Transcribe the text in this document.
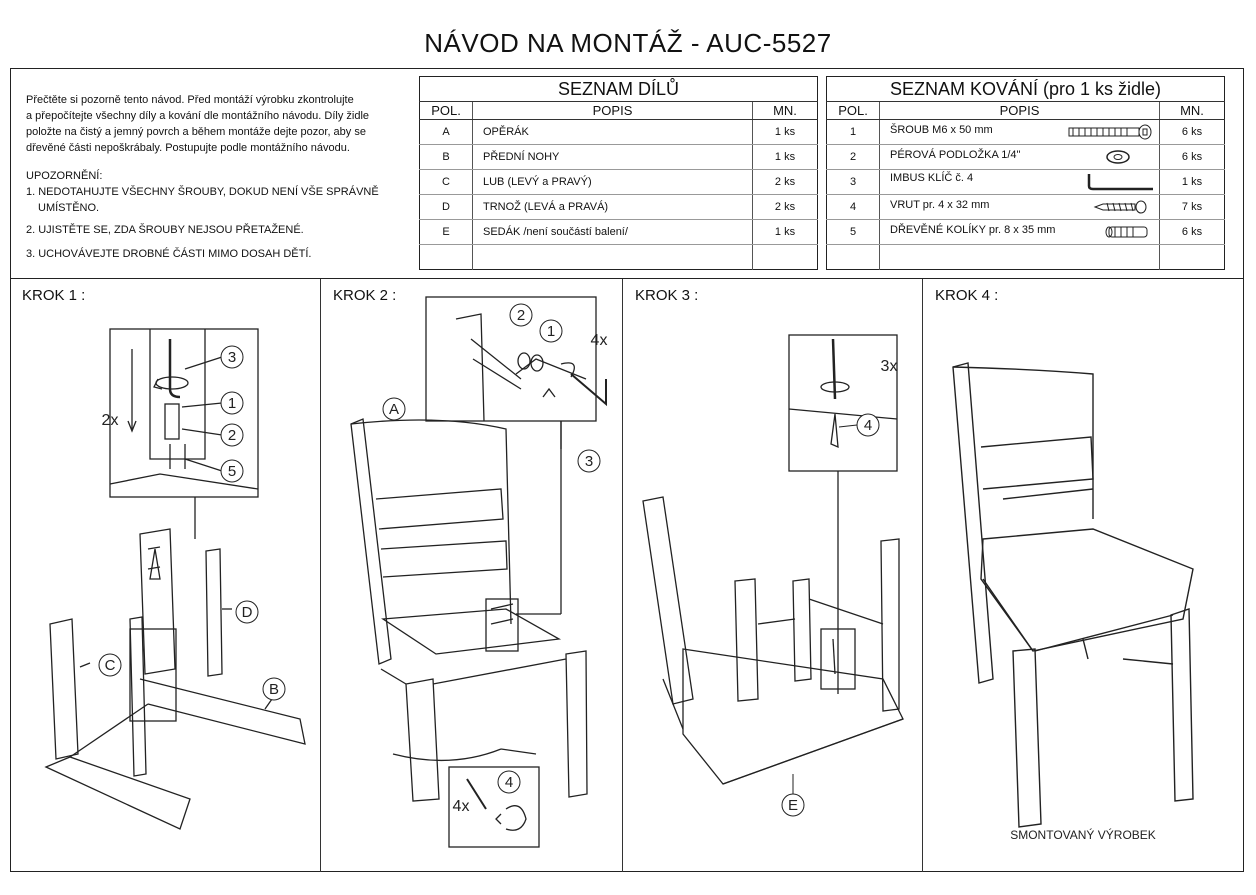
NÁVOD NA MONTÁŽ - AUC-5527
Přečtěte si pozorně tento návod. Před montáží výrobku zkontrolujte
a přepočítejte všechny díly a kování dle montážního návodu. Díly židle
položte na čistý a jemný povrch a během montáže dejte pozor, aby se
dřevěné části nepoškrábaly. Postupujte podle montážního návodu.
UPOZORNĚNÍ:
1. NEDOTAHUJTE VŠECHNY ŠROUBY, DOKUD NENÍ VŠE SPRÁVNĚ
UMÍSTĚNO.
2. UJISTĚTE SE, ZDA ŠROUBY NEJSOU PŘETAŽENÉ.
3. UCHOVÁVEJTE DROBNÉ ČÁSTI MIMO DOSAH DĚTÍ.
SEZNAM DÍLŮ		
POL.	POPIS	MN.
A	OPĚRÁK	1 ks
B	PŘEDNÍ NOHY	1 ks
C	LUB (LEVÝ a PRAVÝ)	2 ks
D	TRNOŽ (LEVÁ a PRAVÁ)	2 ks
E	SEDÁK /není součástí balení/	1 ks

SEZNAM KOVÁNÍ (pro 1 ks židle)		
POL.	POPIS	MN.
1	ŠROUB M6 x 50 mm	6 ks
2	PÉROVÁ PODLOŽKA 1/4"	6 ks
3	IMBUS KLÍČ č. 4	1 ks
4	VRUT pr. 4 x 32 mm	7 ks
5	DŘEVĚNÉ KOLÍKY pr. 8 x 35 mm	6 ks

KROK 1 :
3
1
2
5
D
C
B
2x
KROK 2 :
2
1
3
A
4
4x
4x
KROK 3 :
4
E
3x
KROK 4 :
SMONTOVANÝ VÝROBEK
